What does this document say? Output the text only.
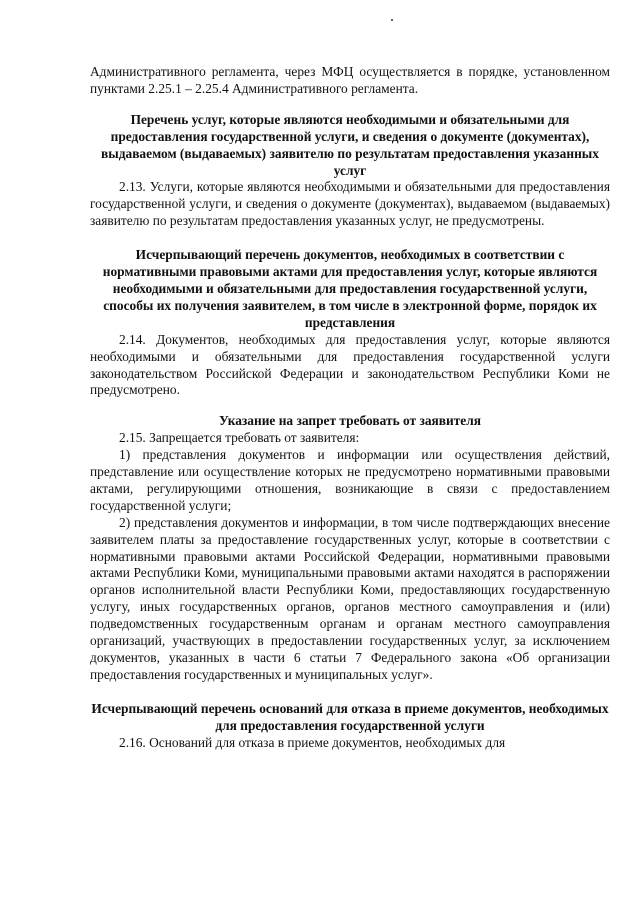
Административного регламента, через МФЦ осуществляется в порядке, установленном пунктами 2.25.1 – 2.25.4 Административного регламента.

Перечень услуг, которые являются необходимыми и обязательными для предоставления государственной услуги, и сведения о документе (документах), выдаваемом (выдаваемых) заявителю по результатам предоставления указанных услуг

2.13. Услуги, которые являются необходимыми и обязательными для предоставления государственной услуги, и сведения о документе (документах), выдаваемом (выдаваемых) заявителю по результатам предоставления указанных услуг, не предусмотрены.

Исчерпывающий перечень документов, необходимых в соответствии с нормативными правовыми актами для предоставления услуг, которые являются необходимыми и обязательными для предоставления государственной услуги, способы их получения заявителем, в том числе в электронной форме, порядок их представления

2.14. Документов, необходимых для предоставления услуг, которые являются необходимыми и обязательными для предоставления государственной услуги законодательством Российской Федерации и законодательством Республики Коми не предусмотрено.

Указание на запрет требовать от заявителя

2.15. Запрещается требовать от заявителя:

1) представления документов и информации или осуществления действий, представление или осуществление которых не предусмотрено нормативными правовыми актами, регулирующими отношения, возникающие в связи с предоставлением государственной услуги;

2) представления документов и информации, в том числе подтверждающих внесение заявителем платы за предоставление государственных услуг, которые в соответствии с нормативными правовыми актами Российской Федерации, нормативными правовыми актами Республики Коми, муниципальными правовыми актами находятся в распоряжении органов исполнительной власти Республики Коми, предоставляющих государственную услугу, иных государственных органов, органов местного самоуправления и (или) подведомственных государственным органам и органам местного самоуправления организаций, участвующих в предоставлении государственных услуг, за исключением документов, указанных в части 6 статьи 7 Федерального закона «Об организации предоставления государственных и муниципальных услуг».

Исчерпывающий перечень оснований для отказа в приеме документов, необходимых для предоставления государственной услуги

2.16. Оснований для отказа в приеме документов, необходимых для
